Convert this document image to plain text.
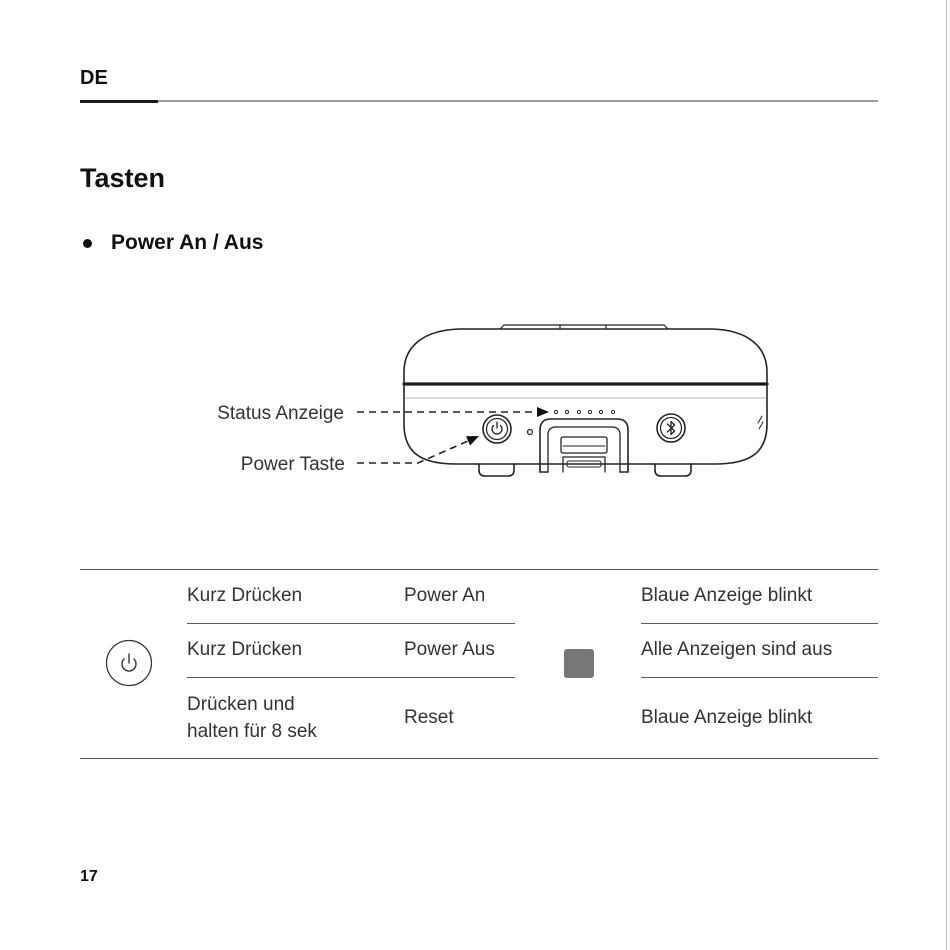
DE
Tasten
Power An / Aus
Status Anzeige
Power Taste
Kurz Drücken	Power An	Blaue Anzeige blinkt
Kurz Drücken	Power Aus	Alle Anzeigen sind aus
Drücken und
halten für 8 sek
Reset	Blaue Anzeige blinkt
17
